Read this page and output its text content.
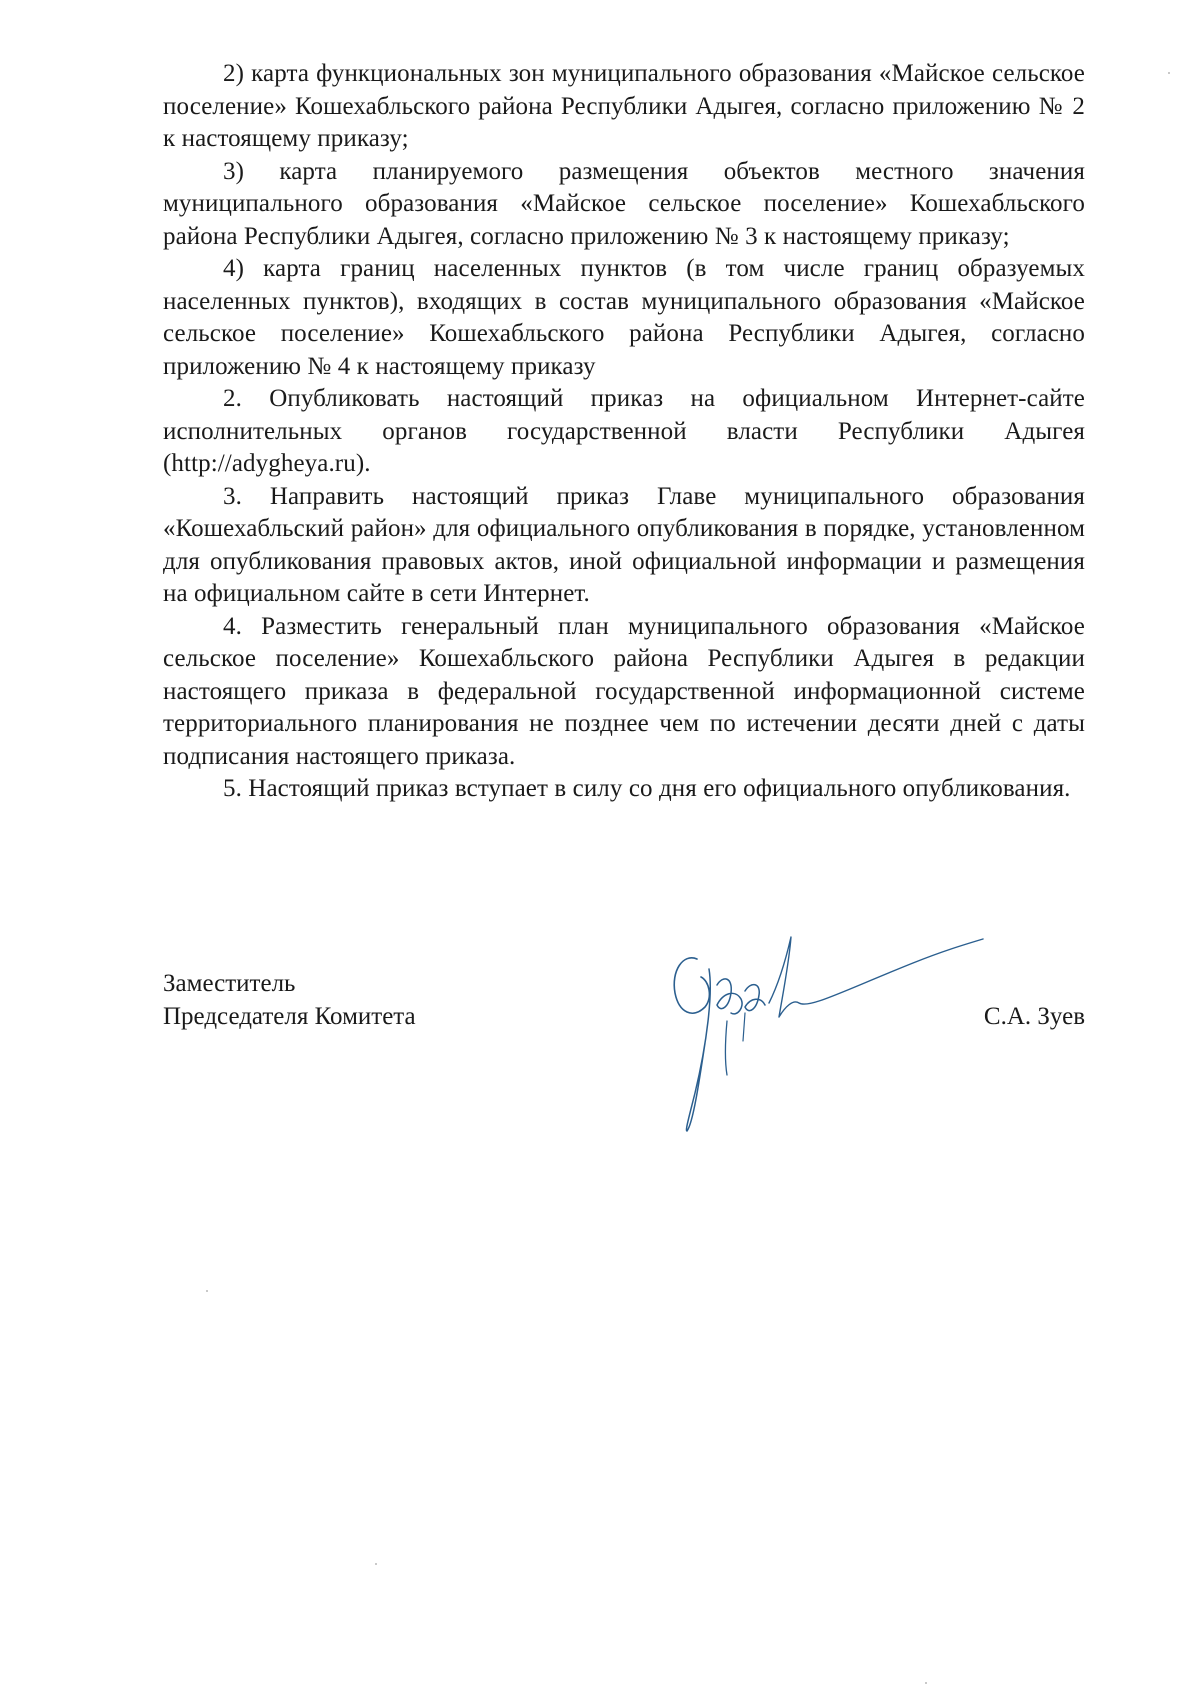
2) карта функциональных зон муниципального образования «Майское сельское поселение» Кошехабльского района Республики Адыгея, согласно приложению № 2 к настоящему приказу;

3) карта планируемого размещения объектов местного значения муниципального образования «Майское сельское поселение» Кошехабльского района Республики Адыгея, согласно приложению № 3 к настоящему приказу;

4) карта границ населенных пунктов (в том числе границ образуемых населенных пунктов), входящих в состав муниципального образования «Майское сельское поселение» Кошехабльского района Республики Адыгея, согласно приложению № 4 к настоящему приказу

2. Опубликовать настоящий приказ на официальном Интернет-сайте исполнительных органов государственной власти Республики Адыгея (http://adygheya.ru).

3. Направить настоящий приказ Главе муниципального образования «Кошехабльский район» для официального опубликования в порядке, установленном для опубликования правовых актов, иной официальной информации и размещения на официальном сайте в сети Интернет.

4. Разместить генеральный план муниципального образования «Майское сельское поселение» Кошехабльского района Республики Адыгея в редакции настоящего приказа в федеральной государственной информационной системе территориального планирования не позднее чем по истечении десяти дней с даты подписания настоящего приказа.

5. Настоящий приказ вступает в силу со дня его официального опубликования.

Заместитель
Председателя Комитета	С.А. Зуев
